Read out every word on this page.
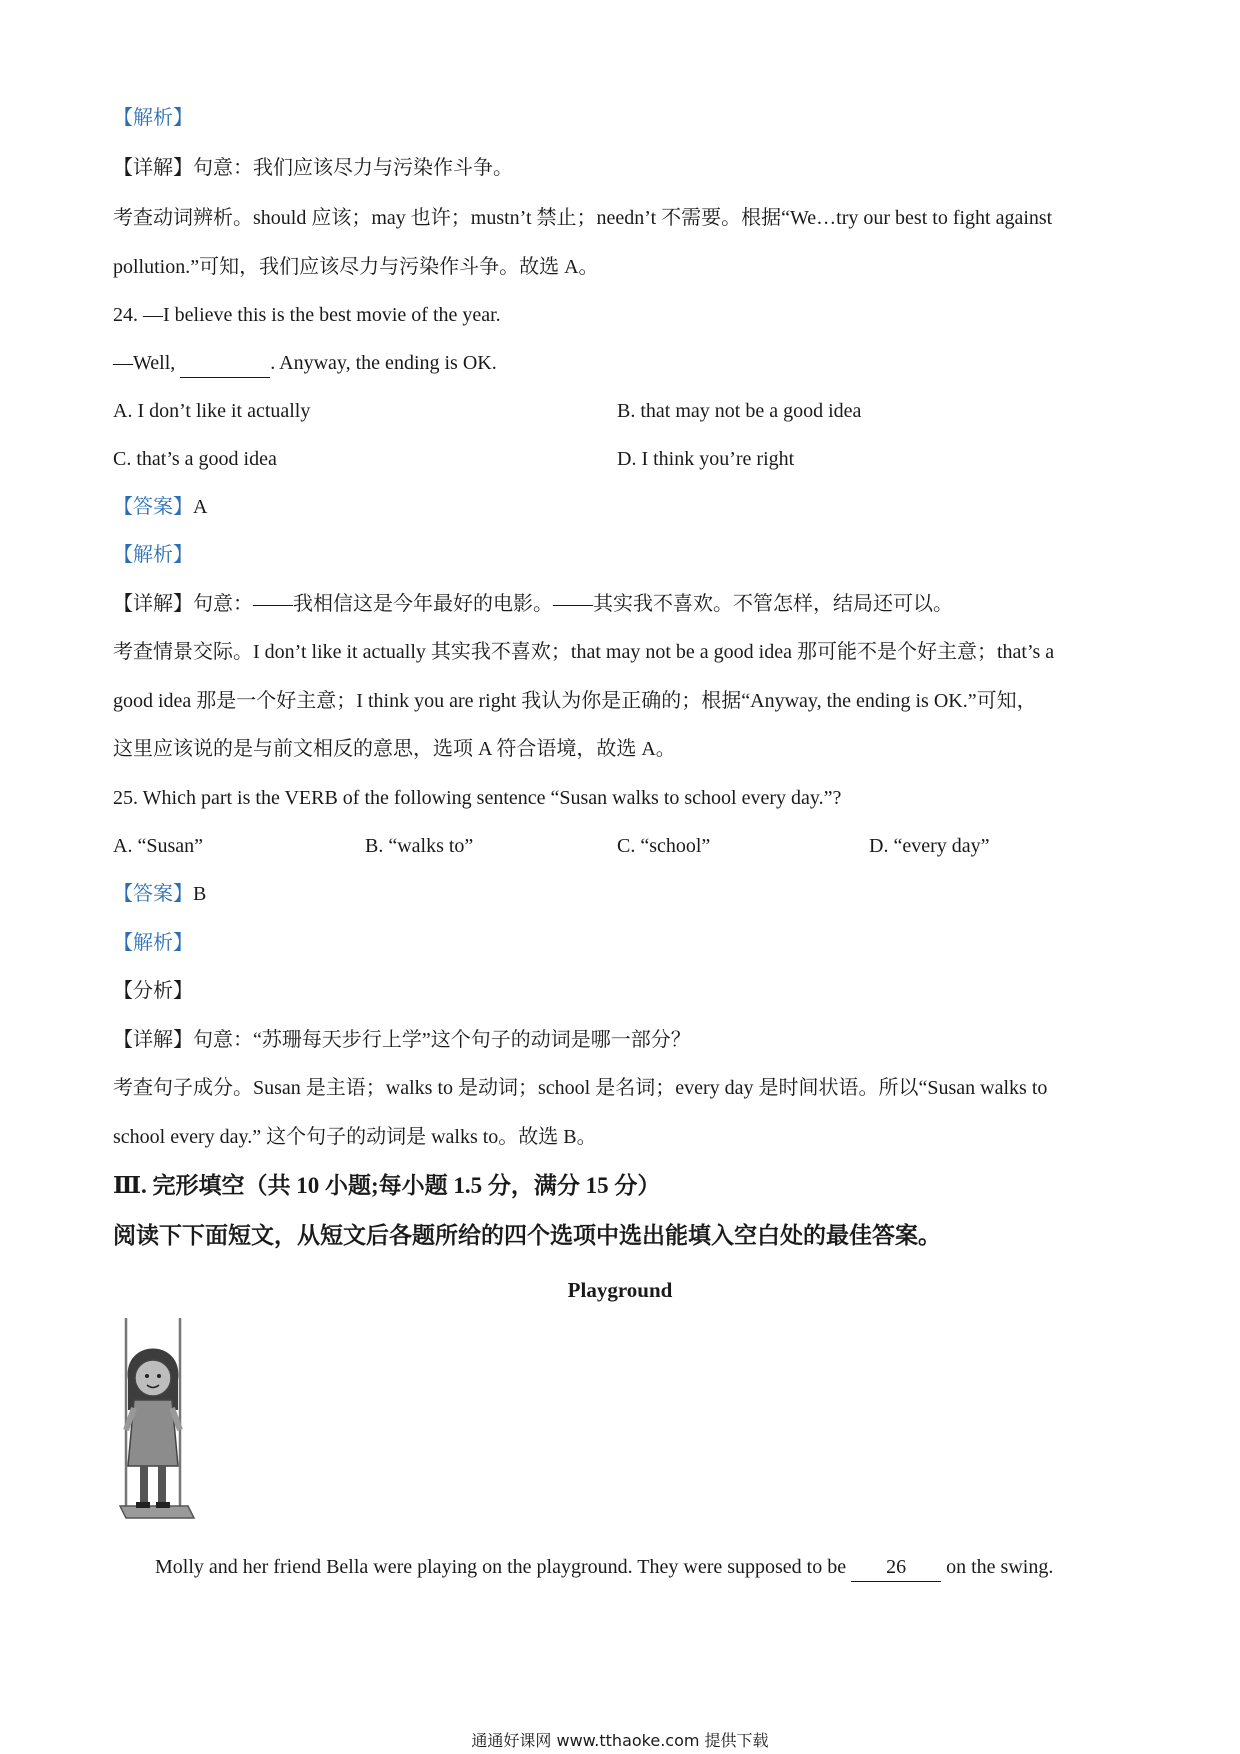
【解析】
【详解】句意：我们应该尽力与污染作斗争。
考查动词辨析。should 应该；may 也许；mustn’t 禁止；needn’t 不需要。根据“We…try our best to fight against
pollution.”可知，我们应该尽力与污染作斗争。故选 A。
24. —I believe this is the best movie of the year.
—Well,	. Anyway, the ending is OK.
A. I don’t like it actually	B. that may not be a good idea
C. that’s a good idea	D. I think you’re right
【答案】A
【解析】
【详解】句意：——我相信这是今年最好的电影。——其实我不喜欢。不管怎样，结局还可以。
考查情景交际。I don’t like it actually 其实我不喜欢；that may not be a good idea 那可能不是个好主意；that’s a
good idea 那是一个好主意；I think you are right 我认为你是正确的；根据“Anyway, the ending is OK.”可知，
这里应该说的是与前文相反的意思，选项 A 符合语境，故选 A。
25. Which part is the VERB of the following sentence “Susan walks to school every day.”?
A. “Susan”	B. “walks to”	C. “school”	D. “every day”
【答案】B
【解析】
【分析】
【详解】句意：“苏珊每天步行上学”这个句子的动词是哪一部分？
考查句子成分。Susan 是主语；walks to 是动词；school 是名词；every day 是时间状语。所以“Susan walks to
school every day.” 这个句子的动词是 walks to。故选 B。
Ⅲ. 完形填空（共 10 小题;每小题 1.5 分，满分 15 分）
阅读下下面短文，从短文后各题所给的四个选项中选出能填入空白处的最佳答案。
Playground
Molly and her friend Bella were playing on the playground. They were supposed to be 26 on the swing.
通通好课网 www.tthaoke.com 提供下载
